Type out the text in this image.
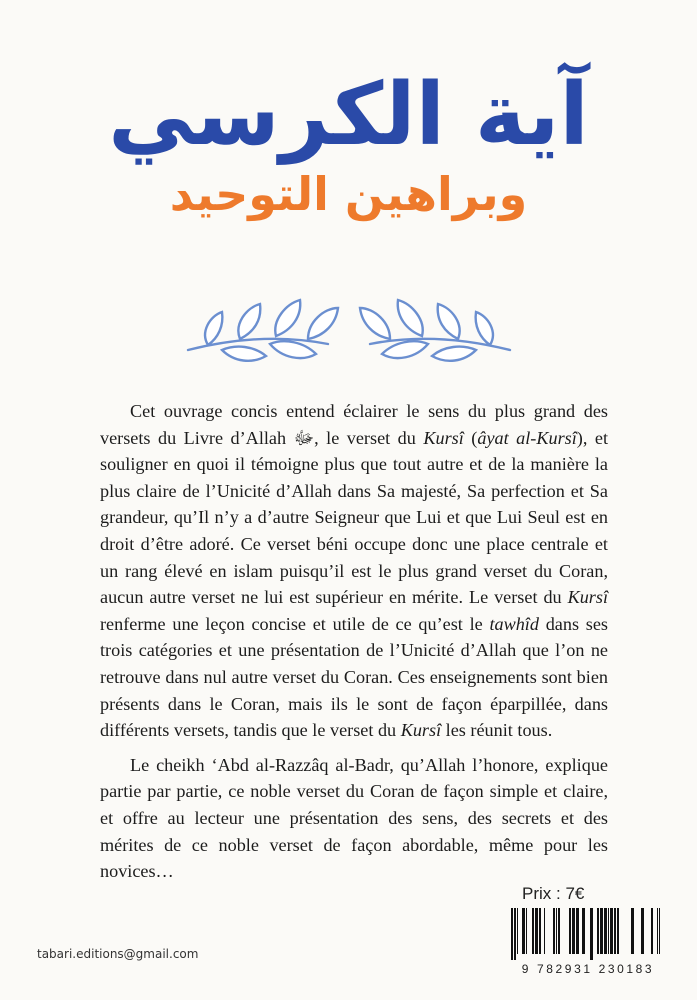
آية الكرسي
وبراهين التوحيد

Cet ouvrage concis entend éclairer le sens du plus grand des versets du Livre d’Allah ﷻ, le verset du Kursî (âyat al-Kursî), et souligner en quoi il témoigne plus que tout autre et de la manière la plus claire de l’Unicité d’Allah dans Sa majesté, Sa perfection et Sa grandeur, qu’Il n’y a d’autre Seigneur que Lui et que Lui Seul est en droit d’être adoré. Ce verset béni occupe donc une place centrale et un rang élevé en islam puisqu’il est le plus grand verset du Coran, aucun autre verset ne lui est supérieur en mérite. Le verset du Kursî renferme une leçon concise et utile de ce qu’est le tawhîd dans ses trois catégories et une présentation de l’Unicité d’Allah que l’on ne retrouve dans nul autre verset du Coran. Ces enseignements sont bien présents dans le Coran, mais ils le sont de façon éparpillée, dans différents versets, tandis que le verset du Kursî les réunit tous.

Le cheikh ‘Abd al-Razzâq al-Badr, qu’Allah l’honore, explique partie par partie, ce noble verset du Coran de façon simple et claire, et offre au lecteur une présentation des sens, des secrets et des mérites de ce noble verset de façon abordable, même pour les novices…

Prix : 7€
9 782931 230183
tabari.editions@gmail.com
